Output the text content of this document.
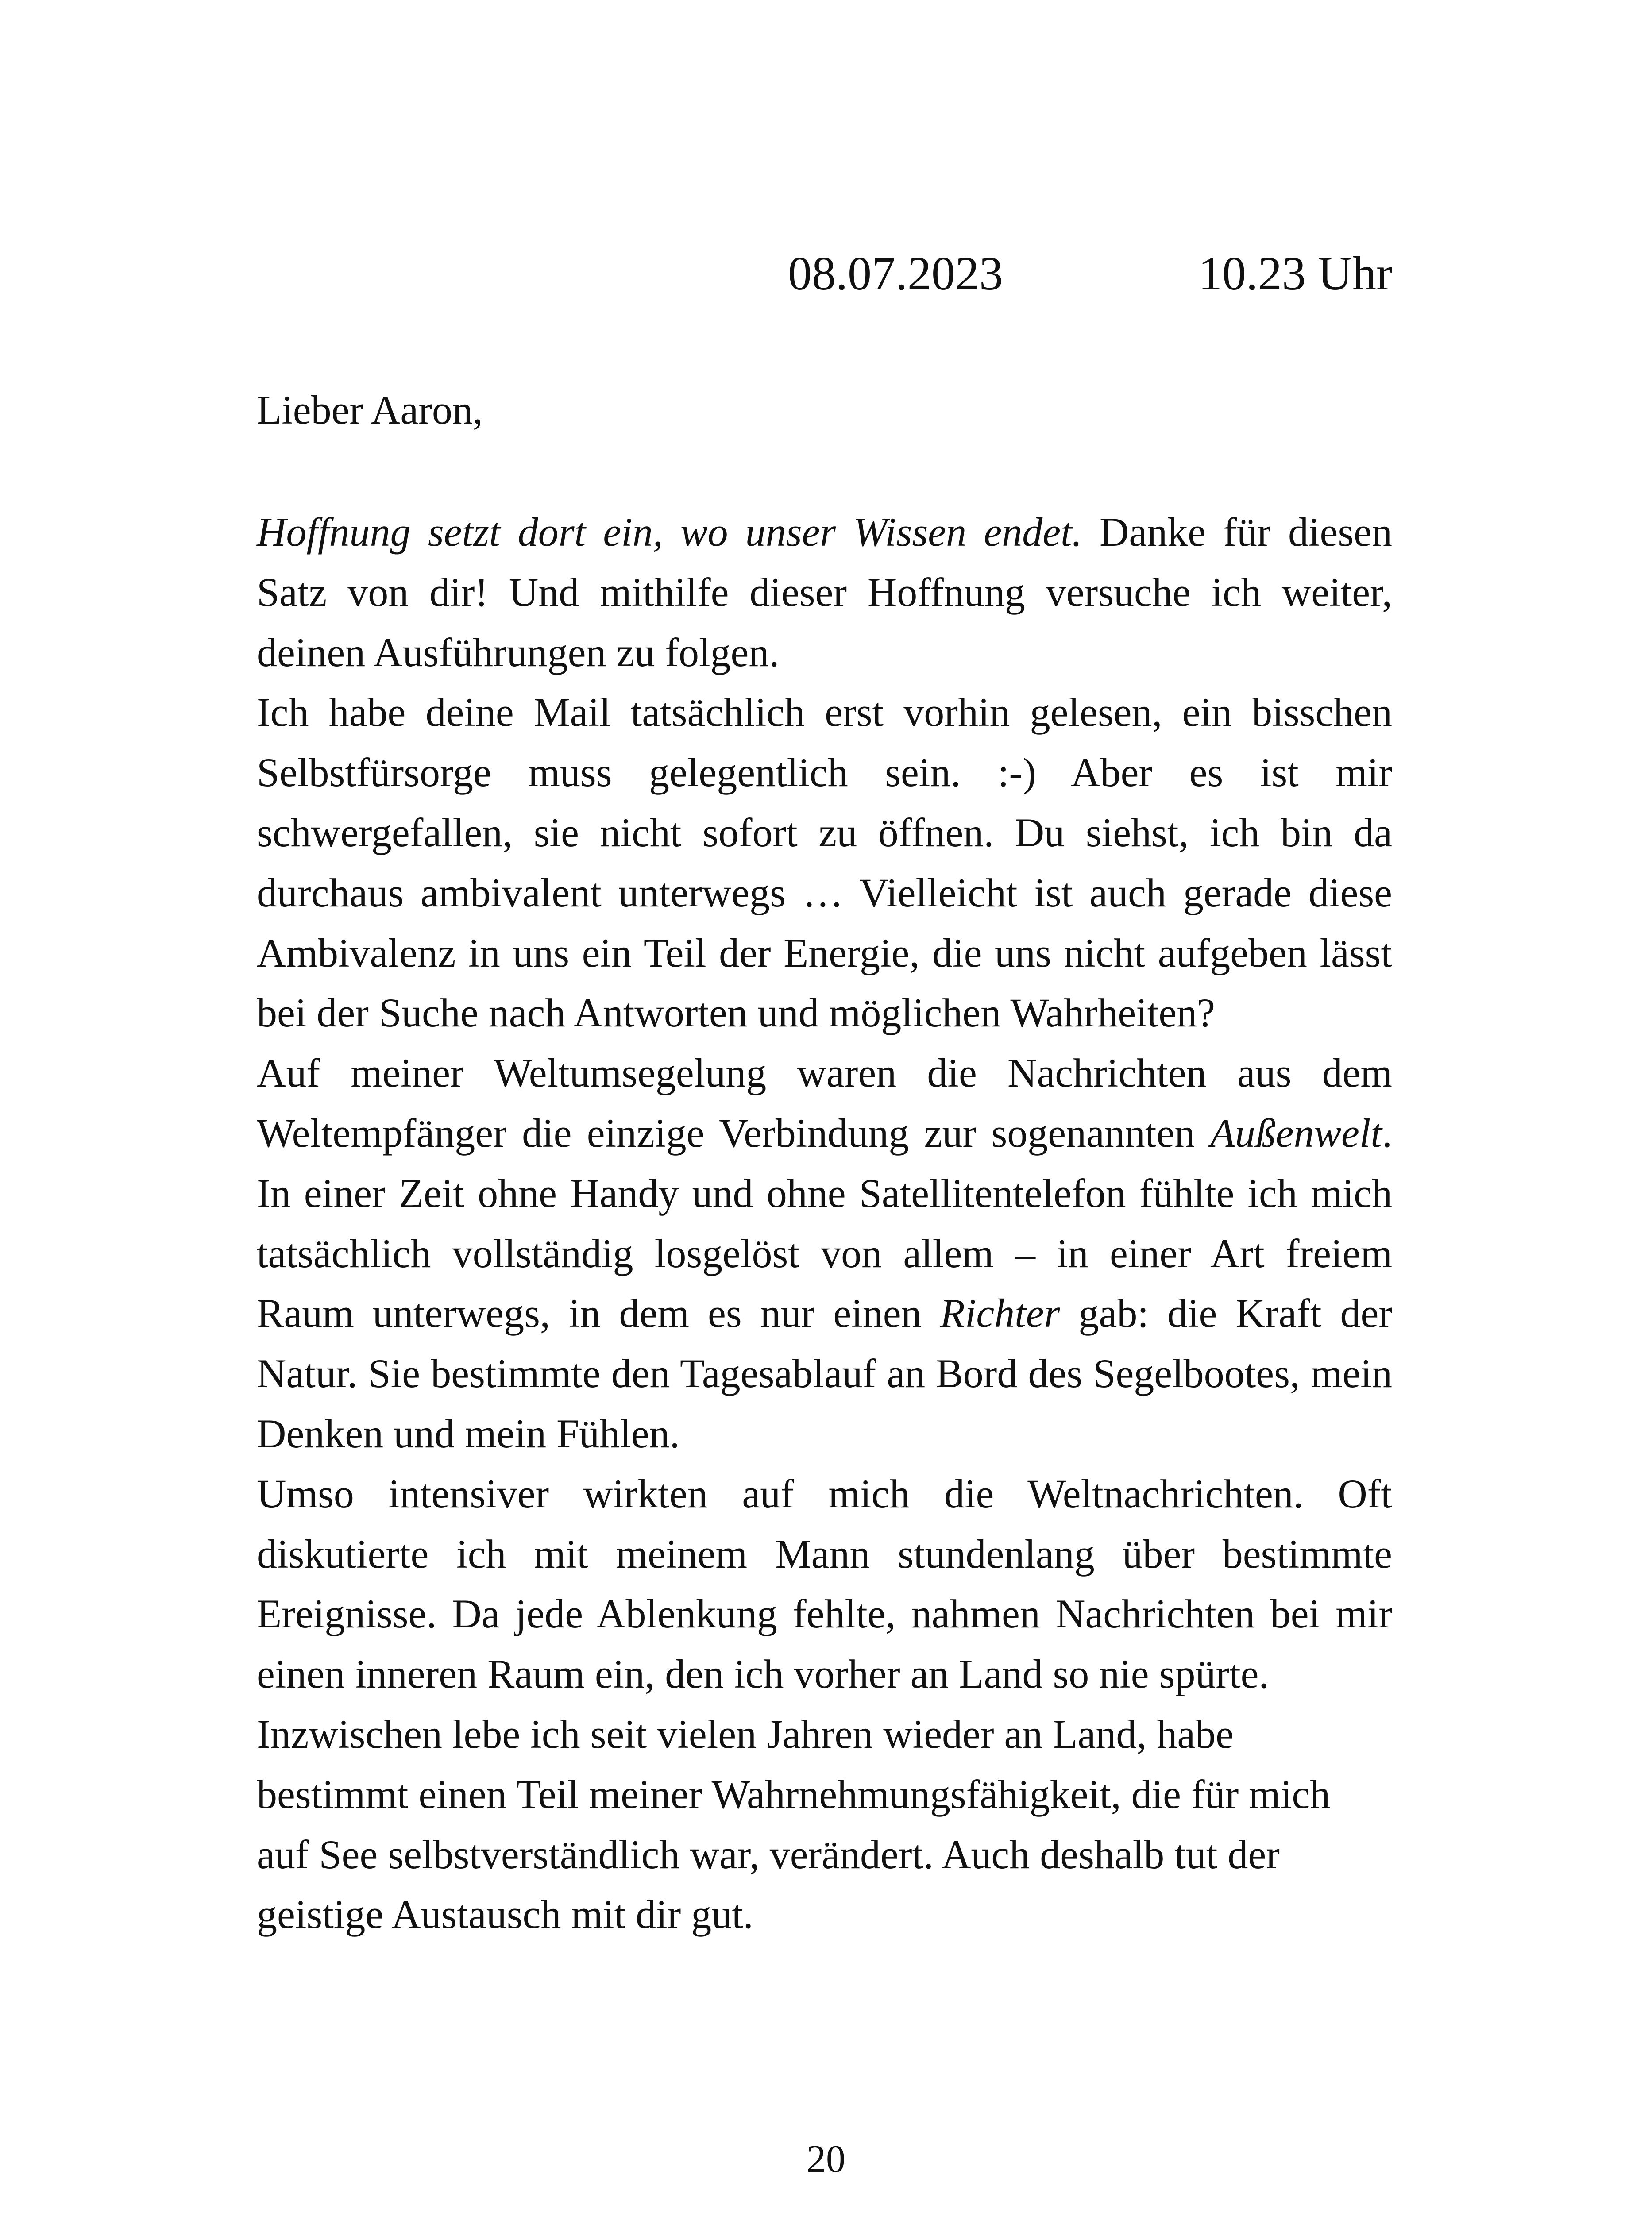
08.07.2023	10.23 Uhr
Lieber Aaron,

Hoffnung setzt dort ein, wo unser Wissen endet. Danke für diesen Satz von dir! Und mithilfe dieser Hoffnung versuche ich weiter, deinen Ausführungen zu folgen.

Ich habe deine Mail tatsächlich erst vorhin gelesen, ein bisschen Selbstfürsorge muss gelegentlich sein. :-) Aber es ist mir schwergefallen, sie nicht sofort zu öffnen. Du siehst, ich bin da durchaus ambivalent unterwegs … Vielleicht ist auch gerade diese Ambivalenz in uns ein Teil der Energie, die uns nicht aufgeben lässt bei der Suche nach Antworten und möglichen Wahrheiten?

Auf meiner Weltumsegelung waren die Nachrichten aus dem Weltempfänger die einzige Verbindung zur sogenannten Außenwelt. In einer Zeit ohne Handy und ohne Satellitentelefon fühlte ich mich tatsächlich vollständig losgelöst von allem – in einer Art freiem Raum unterwegs, in dem es nur einen Richter gab: die Kraft der Natur. Sie bestimmte den Tagesablauf an Bord des Segelbootes, mein Denken und mein Fühlen.

Umso intensiver wirkten auf mich die Weltnachrichten. Oft diskutierte ich mit meinem Mann stundenlang über bestimmte Ereignisse. Da jede Ablenkung fehlte, nahmen Nachrichten bei mir einen inneren Raum ein, den ich vorher an Land so nie spürte.

Inzwischen lebe ich seit vielen Jahren wieder an Land, habe bestimmt einen Teil meiner Wahrnehmungsfähigkeit, die für mich auf See selbstverständlich war, verändert. Auch deshalb tut der geistige Austausch mit dir gut.

20
